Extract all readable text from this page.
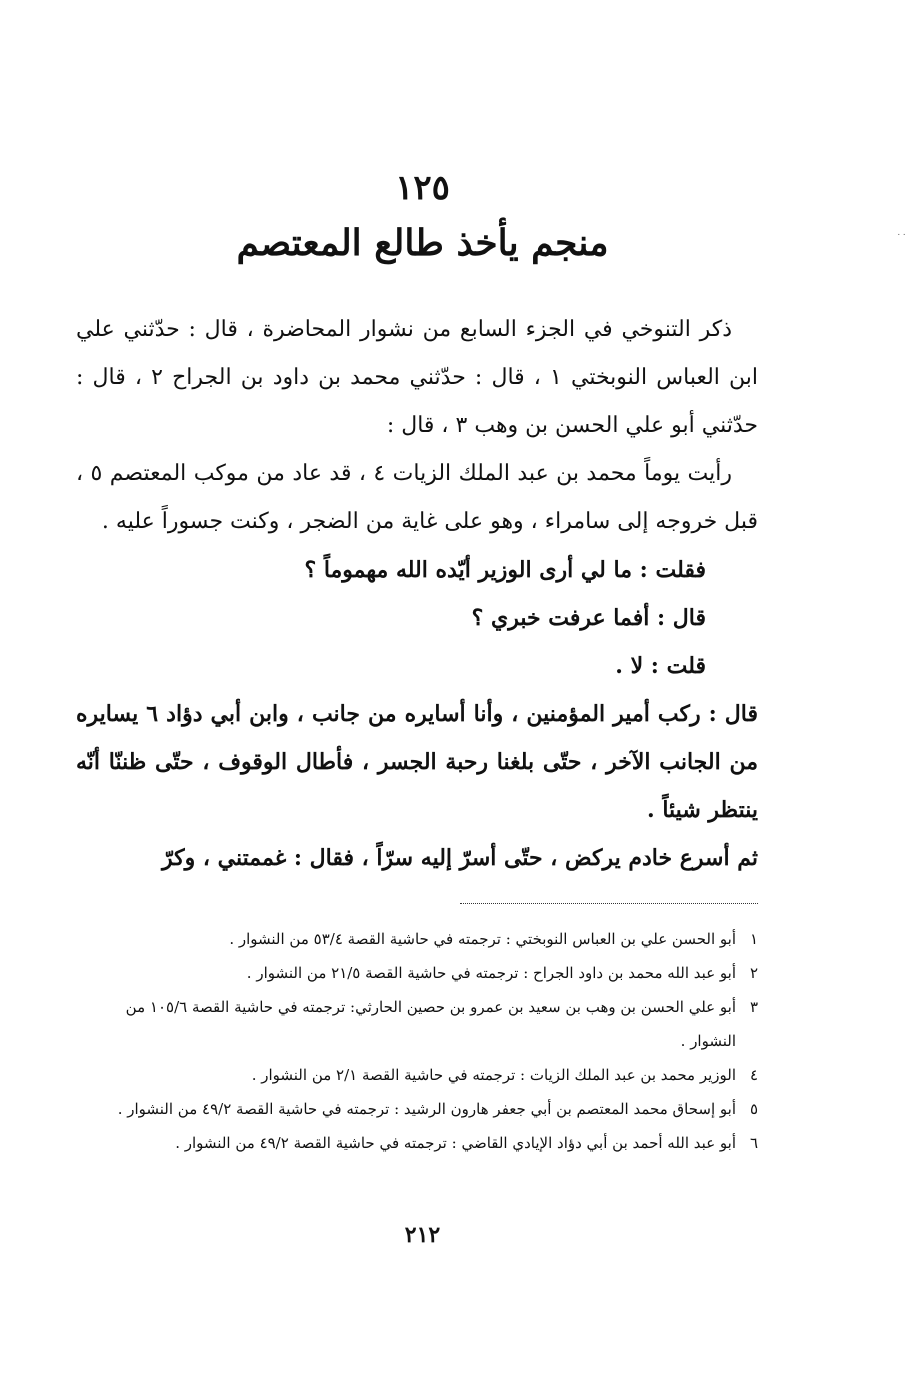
١٢٥
منجم يأخذ طالع المعتصم

ذكر التنوخي في الجزء السابع من نشوار المحاضرة ، قال : حدّثني علي ابن العباس النوبختي ١ ، قال : حدّثني محمد بن داود بن الجراح ٢ ، قال : حدّثني أبو علي الحسن بن وهب ٣ ، قال :

رأيت يوماً محمد بن عبد الملك الزيات ٤ ، قد عاد من موكب المعتصم ٥ ، قبل خروجه إلى سامراء ، وهو على غاية من الضجر ، وكنت جسوراً عليه .

فقلت : ما لي أرى الوزير أيّده الله مهموماً ؟

قال : أفما عرفت خبري ؟

قلت : لا .

قال : ركب أمير المؤمنين ، وأنا أسايره من جانب ، وابن أبي دؤاد ٦ يسايره من الجانب الآخر ، حتّى بلغنا رحبة الجسر ، فأطال الوقوف ، حتّى ظننّا أنّه ينتظر شيئاً .

ثم أسرع خادم يركض ، حتّى أسرّ إليه سرّاً ، فقال : غممتني ، وكرّ

١
أبو الحسن علي بن العباس النوبختي : ترجمته في حاشية القصة ٥٣/٤ من النشوار .
٢
أبو عبد الله محمد بن داود الجراح : ترجمته في حاشية القصة ٢١/٥ من النشوار .
٣
أبو علي الحسن بن وهب بن سعيد بن عمرو بن حصين الحارثي: ترجمته في حاشية القصة ١٠٥/٦ من النشوار .
٤
الوزير محمد بن عبد الملك الزيات : ترجمته في حاشية القصة ٢/١ من النشوار .
٥
أبو إسحاق محمد المعتصم بن أبي جعفر هارون الرشيد : ترجمته في حاشية القصة ٤٩/٢ من النشوار .
٦
أبو عبد الله أحمد بن أبي دؤاد الإيادي القاضي : ترجمته في حاشية القصة ٤٩/٢ من النشوار .
٢١٢
˙˙
